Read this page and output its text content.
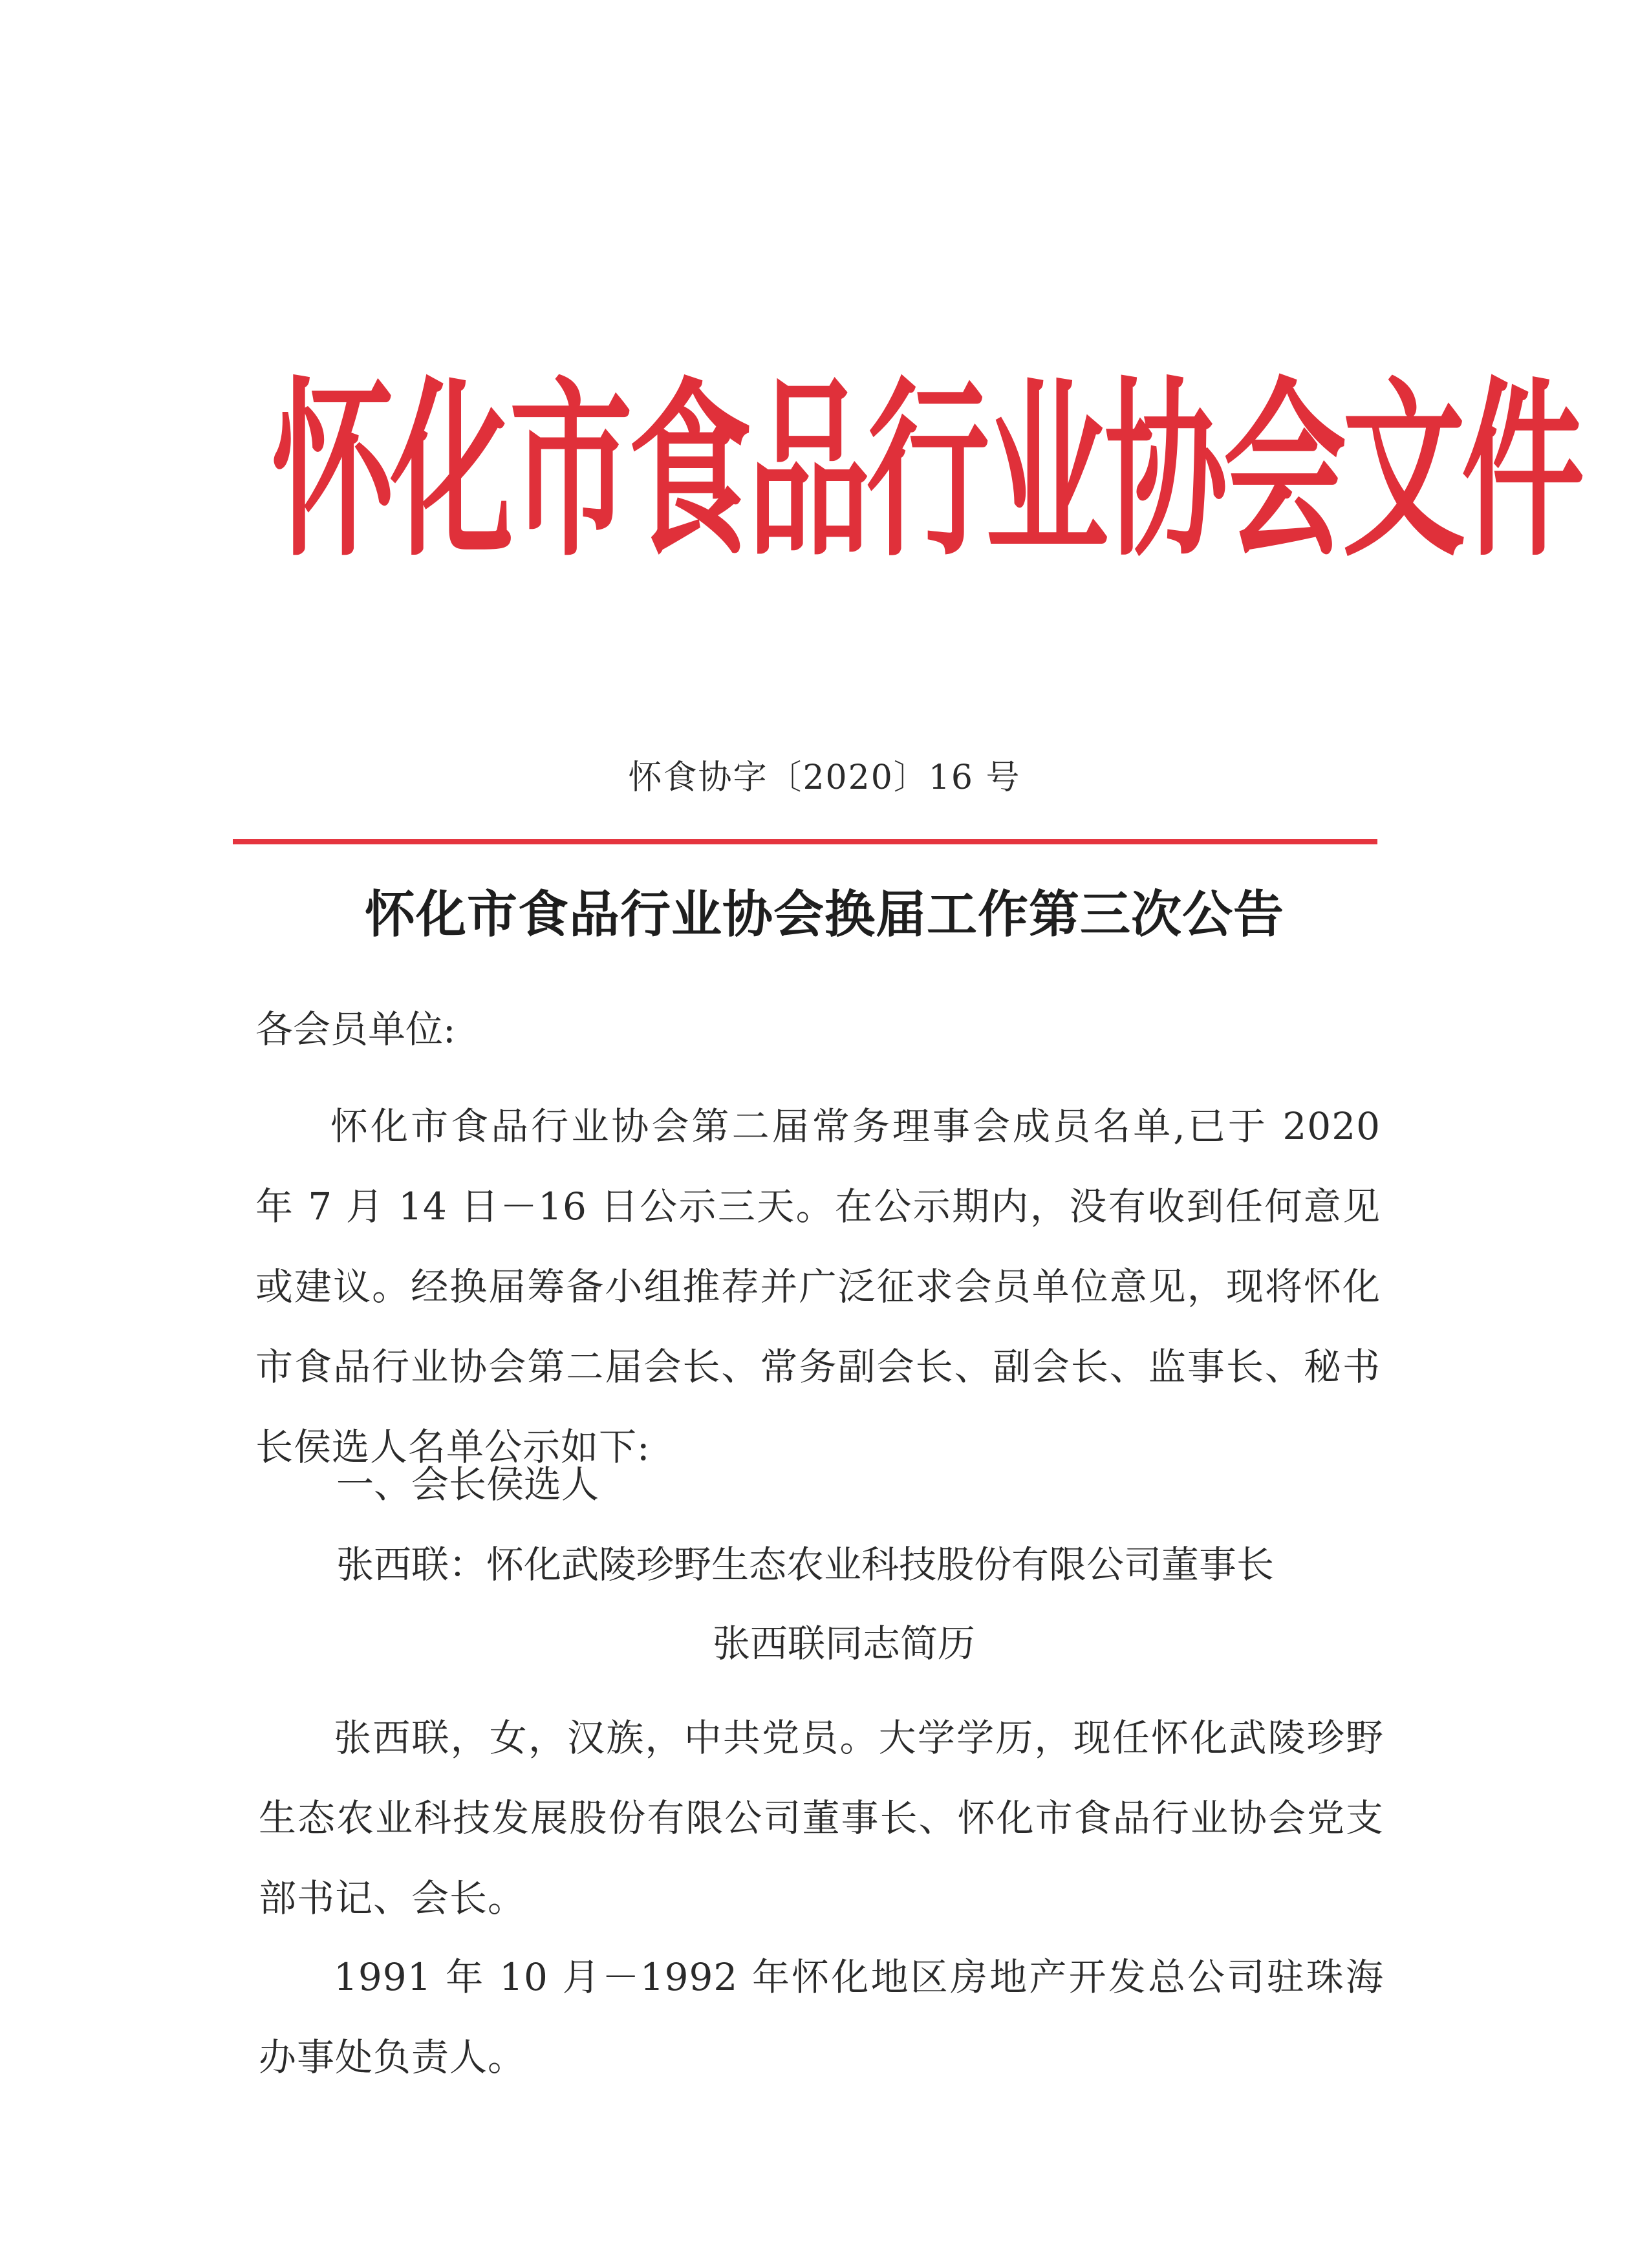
怀化市食品行业协会文件
怀食协字〔2020〕16 号
怀化市食品行业协会换届工作第三次公告
各会员单位:
怀化市食品行业协会第二届常务理事会成员名单,已于 2020 年 7 月 14 日－16 日公示三天。在公示期内，没有收到任何意见或建议。经换届筹备小组推荐并广泛征求会员单位意见，现将怀化市食品行业协会第二届会长、常务副会长、副会长、监事长、秘书长侯选人名单公示如下:
一、会长侯选人
张西联：怀化武陵珍野生态农业科技股份有限公司董事长
张西联同志简历
张西联，女，汉族，中共党员。大学学历，现任怀化武陵珍野生态农业科技发展股份有限公司董事长、怀化市食品行业协会党支部书记、会长。
1991 年 10 月－1992 年怀化地区房地产开发总公司驻珠海办事处负责人。
